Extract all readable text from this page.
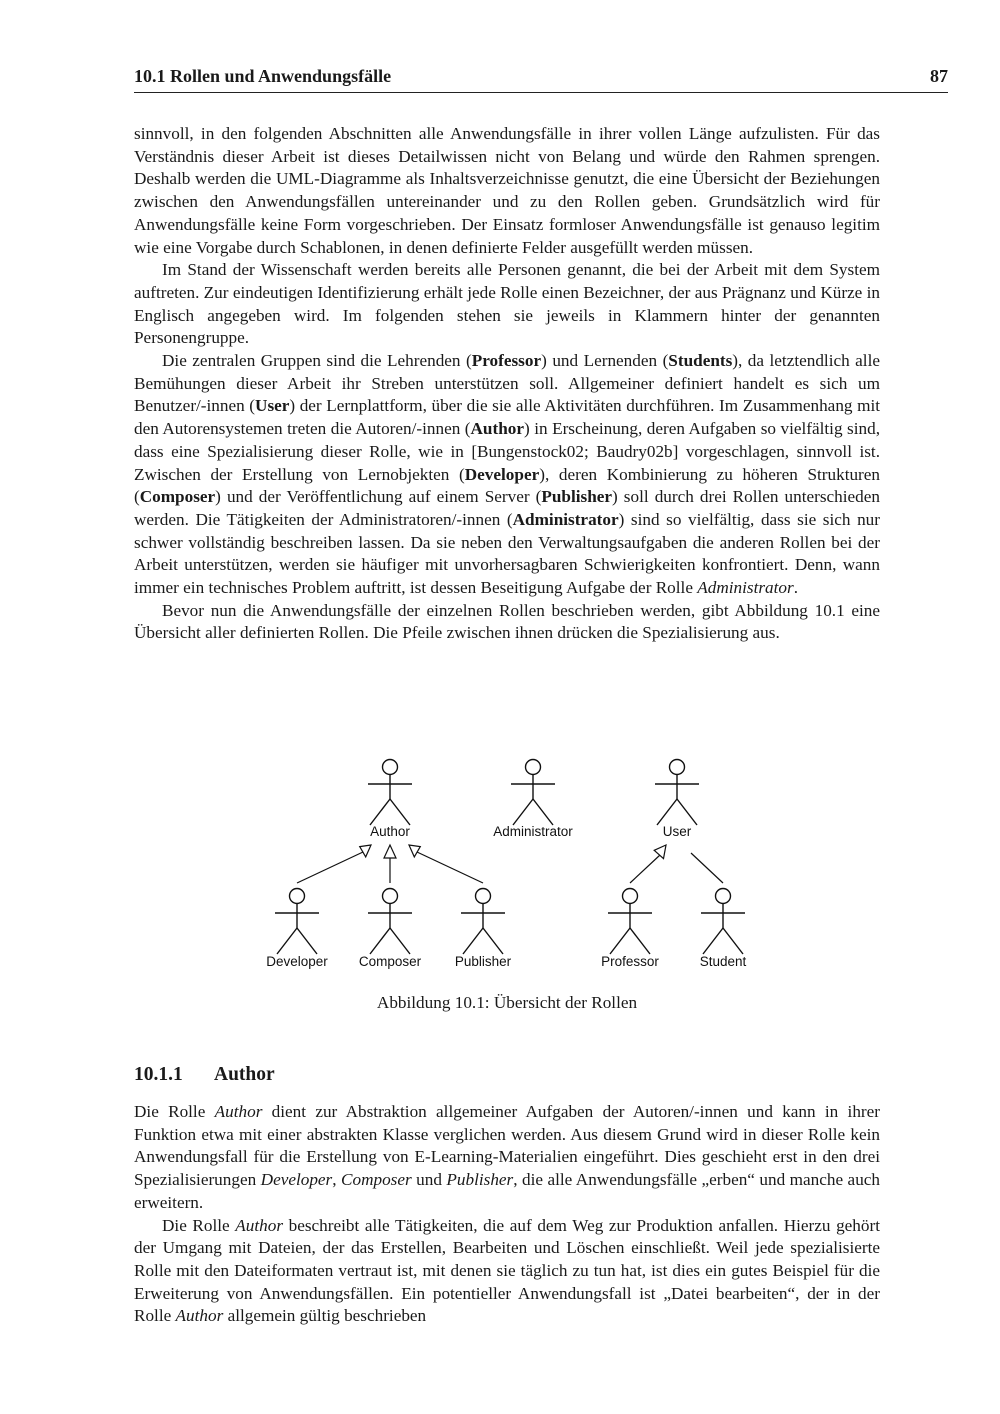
10.1 Rollen und Anwendungsfälle	87

sinnvoll, in den folgenden Abschnitten alle Anwendungsfälle in ihrer vollen Länge aufzulisten. Für das Verständnis dieser Arbeit ist dieses Detailwissen nicht von Belang und würde den Rahmen sprengen. Deshalb werden die UML-Diagramme als Inhaltsverzeichnisse genutzt, die eine Übersicht der Beziehungen zwischen den Anwendungsfällen untereinander und zu den Rollen geben. Grundsätzlich wird für Anwendungsfälle keine Form vorgeschrieben. Der Einsatz formloser Anwendungsfälle ist genauso legitim wie eine Vorgabe durch Schablonen, in denen definierte Felder ausgefüllt werden müssen.

Im Stand der Wissenschaft werden bereits alle Personen genannt, die bei der Arbeit mit dem System auftreten. Zur eindeutigen Identifizierung erhält jede Rolle einen Bezeichner, der aus Prägnanz und Kürze in Englisch angegeben wird. Im folgenden stehen sie jeweils in Klammern hinter der genannten Personengruppe.

Die zentralen Gruppen sind die Lehrenden (Professor) und Lernenden (Students), da letztendlich alle Bemühungen dieser Arbeit ihr Streben unterstützen soll. Allgemeiner definiert handelt es sich um Benutzer/-innen (User) der Lernplattform, über die sie alle Aktivitäten durchführen. Im Zusammenhang mit den Autorensystemen treten die Autoren/-innen (Author) in Erscheinung, deren Aufgaben so vielfältig sind, dass eine Spezialisierung dieser Rolle, wie in [Bungenstock02; Baudry02b] vorgeschlagen, sinnvoll ist. Zwischen der Erstellung von Lernobjekten (Developer), deren Kombinierung zu höheren Strukturen (Composer) und der Veröffentlichung auf einem Server (Publisher) soll durch drei Rollen unterschieden werden. Die Tätigkeiten der Administratoren/-innen (Administrator) sind so vielfältig, dass sie sich nur schwer vollständig beschreiben lassen. Da sie neben den Verwaltungsaufgaben die anderen Rollen bei der Arbeit unterstützen, werden sie häufiger mit unvorhersagbaren Schwierigkeiten konfrontiert. Denn, wann immer ein technisches Problem auftritt, ist dessen Beseitigung Aufgabe der Rolle Administrator.

Bevor nun die Anwendungsfälle der einzelnen Rollen beschrieben werden, gibt Abbildung 10.1 eine Übersicht aller definierten Rollen. Die Pfeile zwischen ihnen drücken die Spezialisierung aus.

Author	Administrator	User
Developer Composer Publisher	Professor	Student
Abbildung 10.1: Übersicht der Rollen
10.1.1 Author

Die Rolle Author dient zur Abstraktion allgemeiner Aufgaben der Autoren/-innen und kann in ihrer Funktion etwa mit einer abstrakten Klasse verglichen werden. Aus diesem Grund wird in dieser Rolle kein Anwendungsfall für die Erstellung von E-Learning-Materialien eingeführt. Dies geschieht erst in den drei Spezialisierungen Developer, Composer und Publisher, die alle Anwendungsfälle „erben“ und manche auch erweitern.

Die Rolle Author beschreibt alle Tätigkeiten, die auf dem Weg zur Produktion anfallen. Hierzu gehört der Umgang mit Dateien, der das Erstellen, Bearbeiten und Löschen einschließt. Weil jede spezialisierte Rolle mit den Dateiformaten vertraut ist, mit denen sie täglich zu tun hat, ist dies ein gutes Beispiel für die Erweiterung von Anwendungsfällen. Ein potentieller Anwendungsfall ist „Datei bearbeiten“, der in der Rolle Author allgemein gültig beschrieben
